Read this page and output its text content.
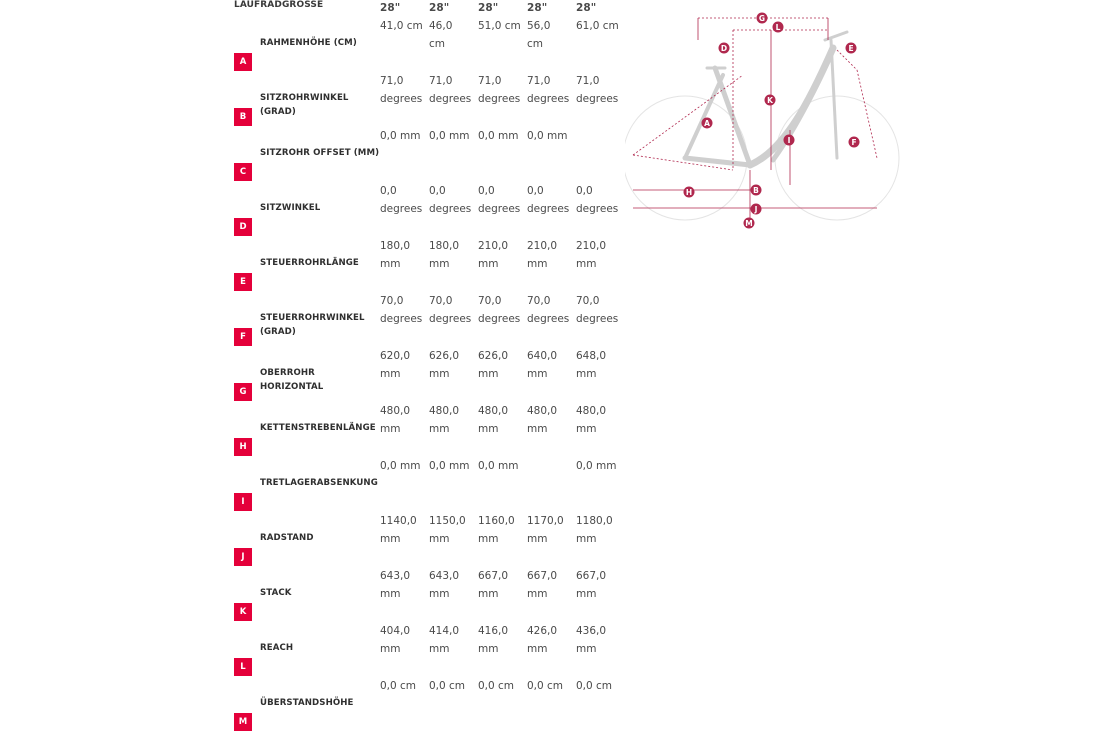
LAUFRADGRÖSSE		28"	28"	28"	28"	28"
A	RAHMENHÖHE (CM)	41,0 cm	46,0
cm	51,0 cm	56,0
cm	61,0 cm

B	SITZROHRWINKEL (GRAD)	71,0
degrees	71,0
degrees	71,0
degrees	71,0
degrees	71,0
degrees

C	SITZROHR OFFSET (MM)	0,0 mm	0,0 mm	0,0 mm	0,0 mm	

D	SITZWINKEL	0,0
degrees	0,0
degrees	0,0
degrees	0,0
degrees	0,0
degrees

E	STEUERROHRLÄNGE	180,0
mm	180,0
mm	210,0
mm	210,0
mm	210,0
mm

F	STEUERROHRWINKEL (GRAD)	70,0
degrees	70,0
degrees	70,0
degrees	70,0
degrees	70,0
degrees

G	OBERROHR HORIZONTAL	620,0
mm	626,0
mm	626,0
mm	640,0
mm	648,0
mm

H	KETTENSTREBENLÄNGE	480,0
mm	480,0
mm	480,0
mm	480,0
mm	480,0
mm

I	TRETLAGERABSENKUNG	0,0 mm	0,0 mm	0,0 mm		0,0 mm

J	RADSTAND	1140,0
mm	1150,0
mm	1160,0
mm	1170,0
mm	1180,0
mm

K	STACK	643,0
mm	643,0
mm	667,0
mm	667,0
mm	667,0
mm

L	REACH	404,0
mm	414,0
mm	416,0
mm	426,0
mm	436,0
mm

M	ÜBERSTANDSHÖHE	0,0 cm	0,0 cm	0,0 cm	0,0 cm	0,0 cm
G
L
D	E
K
A
I	F
H	B
J
M
